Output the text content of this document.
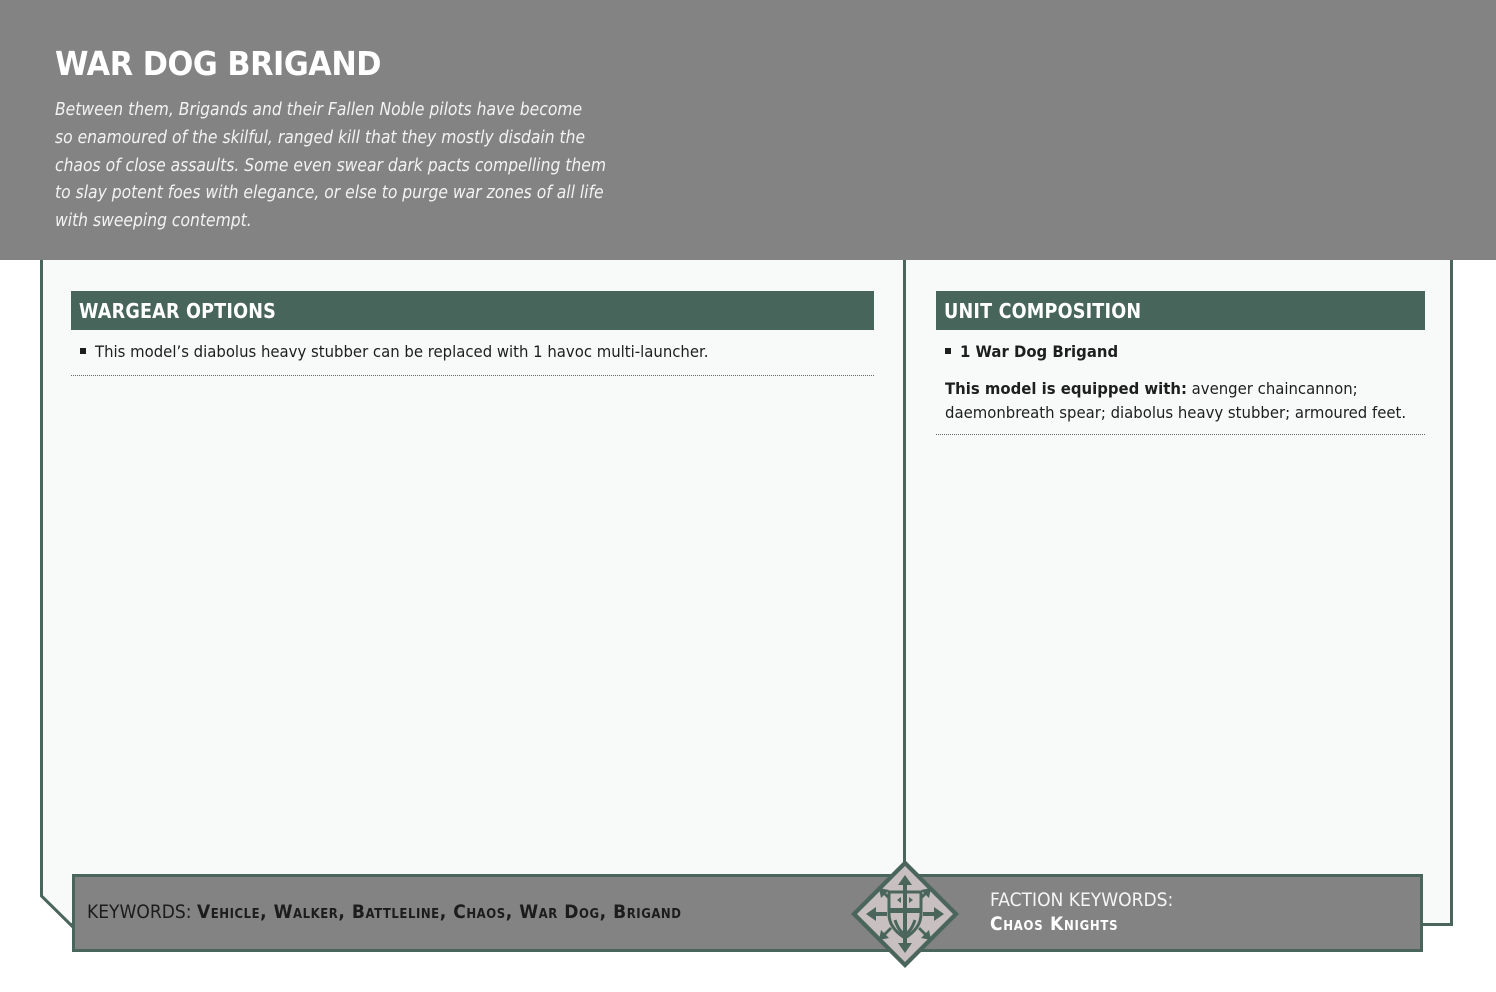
WAR DOG BRIGAND
Between them, Brigands and their Fallen Noble pilots have become
so enamoured of the skilful, ranged kill that they mostly disdain the
chaos of close assaults. Some even swear dark pacts compelling them
to slay potent foes with elegance, or else to purge war zones of all life
with sweeping contempt.
WARGEAR OPTIONS
This model’s diabolus heavy stubber can be replaced with 1 havoc multi-launcher.
UNIT COMPOSITION
1 War Dog Brigand
This model is equipped with: avenger chaincannon; daemonbreath spear; diabolus heavy stubber; armoured feet.
KEYWORDS: Vehicle, Walker, Battleline, Chaos, War Dog, Brigand
FACTION KEYWORDS:
Chaos Knights
